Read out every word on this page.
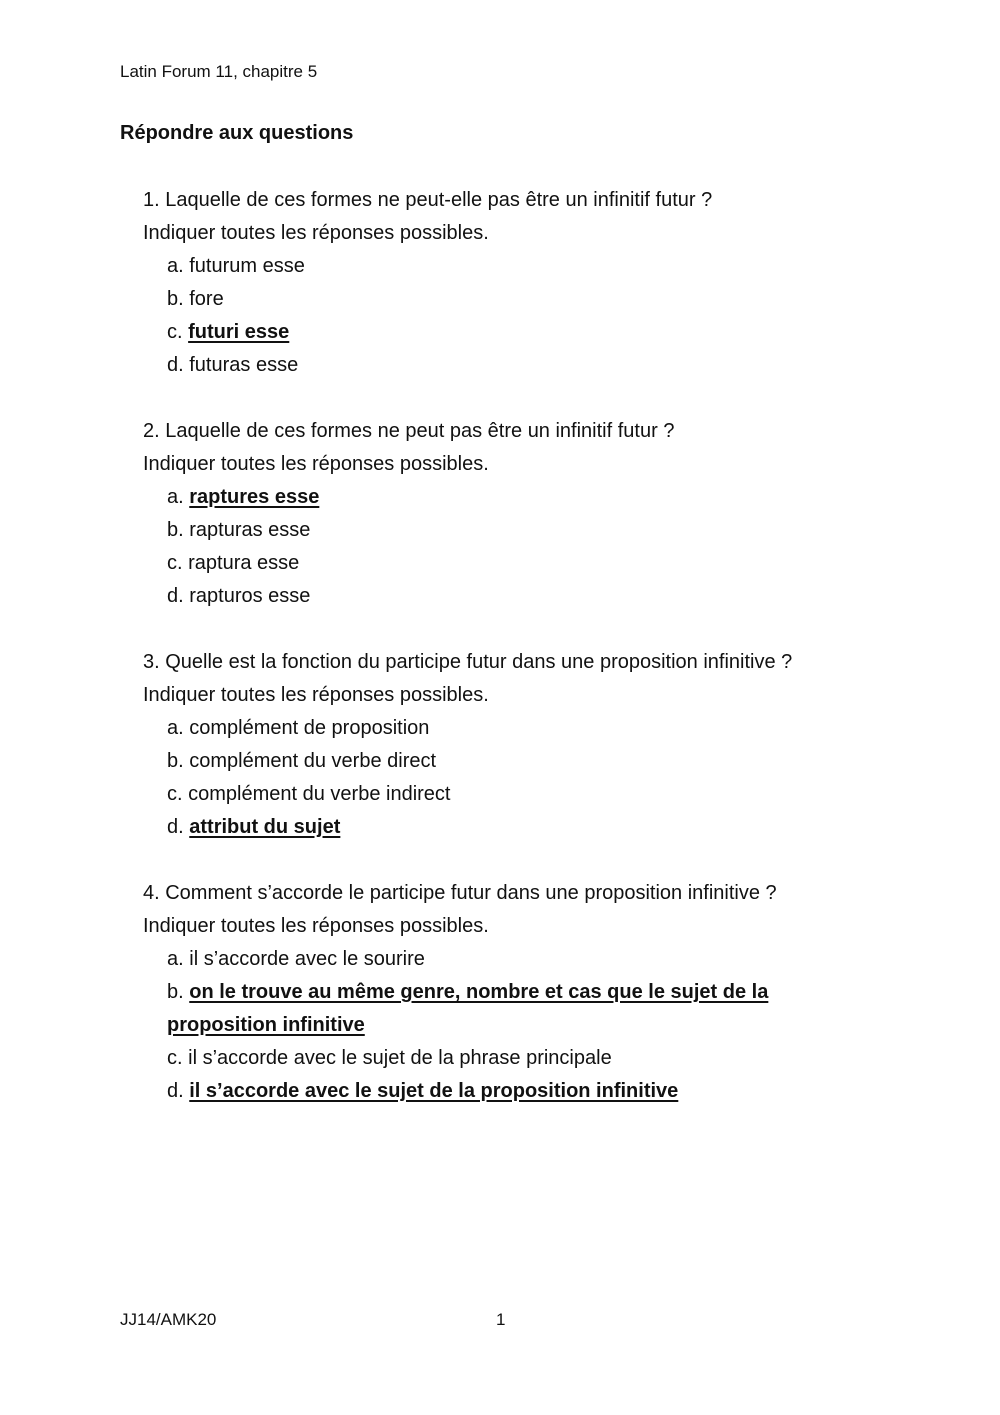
Latin Forum 11, chapitre 5
Répondre aux questions
1. Laquelle de ces formes ne peut-elle pas être un infinitif futur ?
Indiquer toutes les réponses possibles.
a. futurum esse
b. fore
c. futuri esse
d. futuras esse
2. Laquelle de ces formes ne peut pas être un infinitif futur ?
Indiquer toutes les réponses possibles.
a. raptures esse
b. rapturas esse
c. raptura esse
d. rapturos esse
3. Quelle est la fonction du participe futur dans une proposition infinitive ?
Indiquer toutes les réponses possibles.
a. complément de proposition
b. complément du verbe direct
c. complément du verbe indirect
d. attribut du sujet
4. Comment s’accorde le participe futur dans une proposition infinitive ?
Indiquer toutes les réponses possibles.
a. il s’accorde avec le sourire
b. on le trouve au même genre, nombre et cas que le sujet de la
proposition infinitive
c. il s’accorde avec le sujet de la phrase principale
d. il s’accorde avec le sujet de la proposition infinitive
JJ14/AMK20	1
